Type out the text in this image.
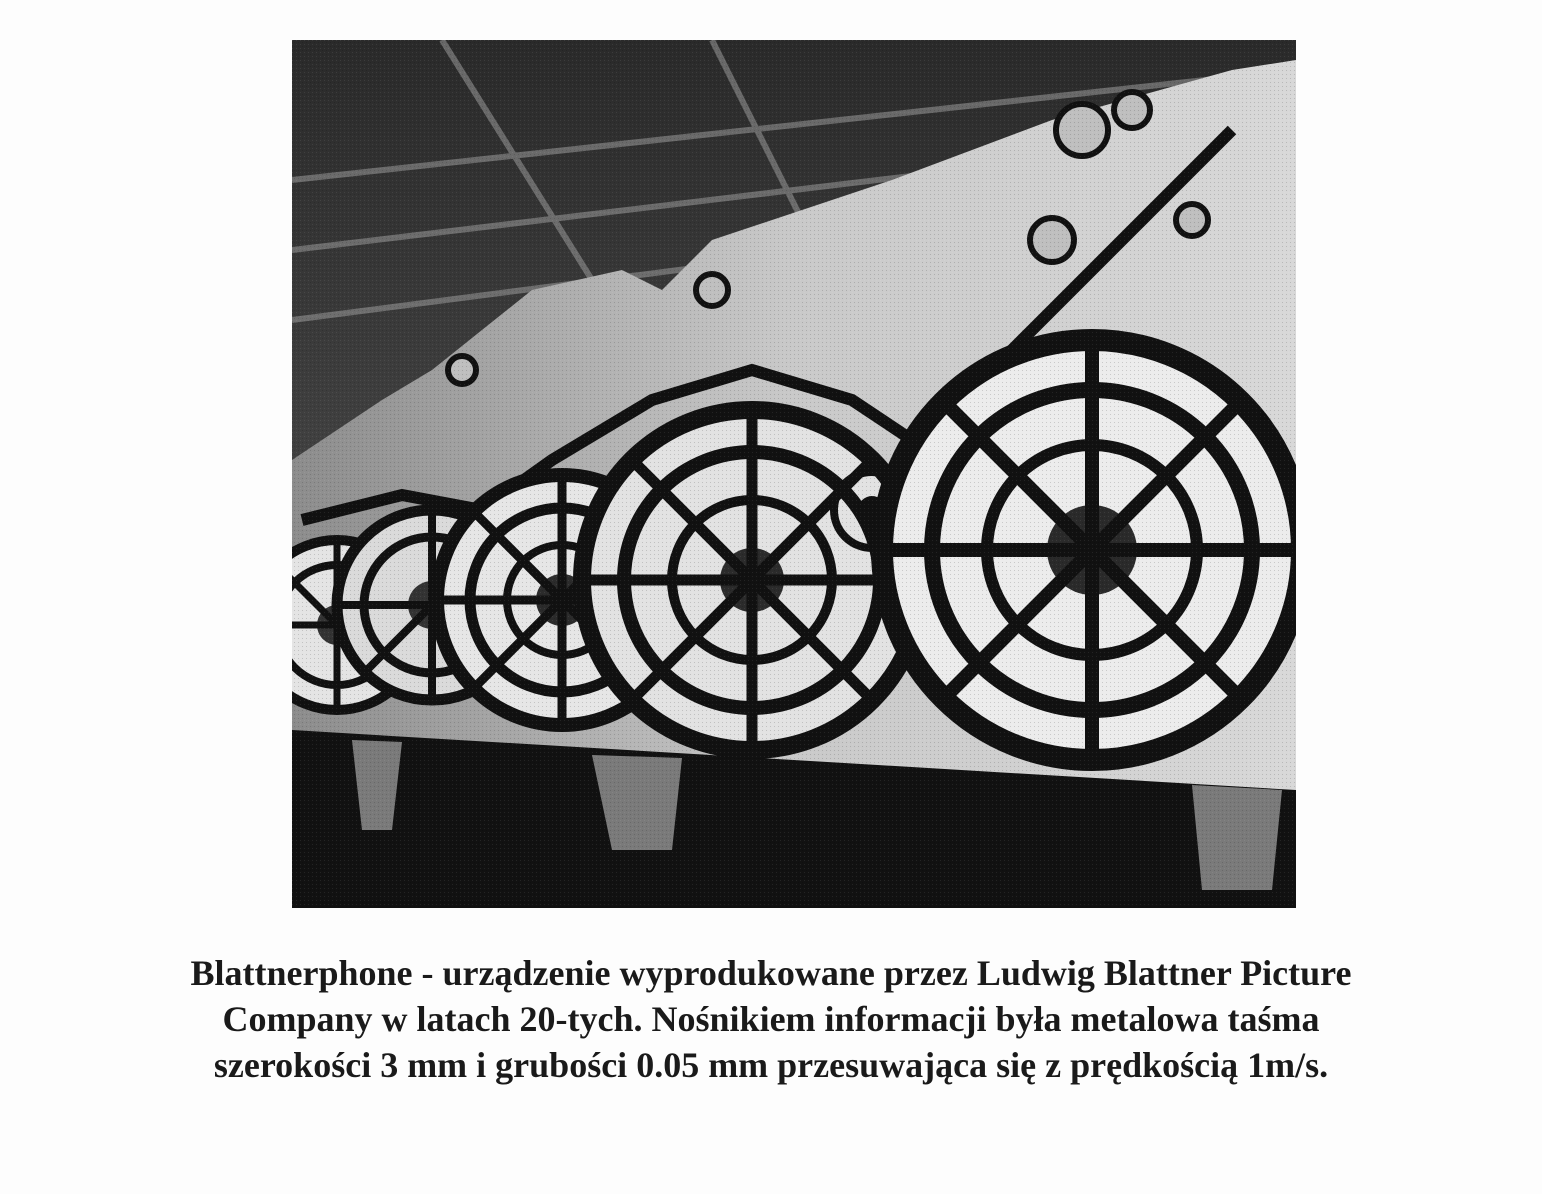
Blattnerphone - urządzenie wyprodukowane przez Ludwig Blattner Picture
Company w latach 20-tych. Nośnikiem informacji była metalowa taśma
szerokości 3 mm i grubości 0.05 mm przesuwająca się z prędkością 1m/s.
